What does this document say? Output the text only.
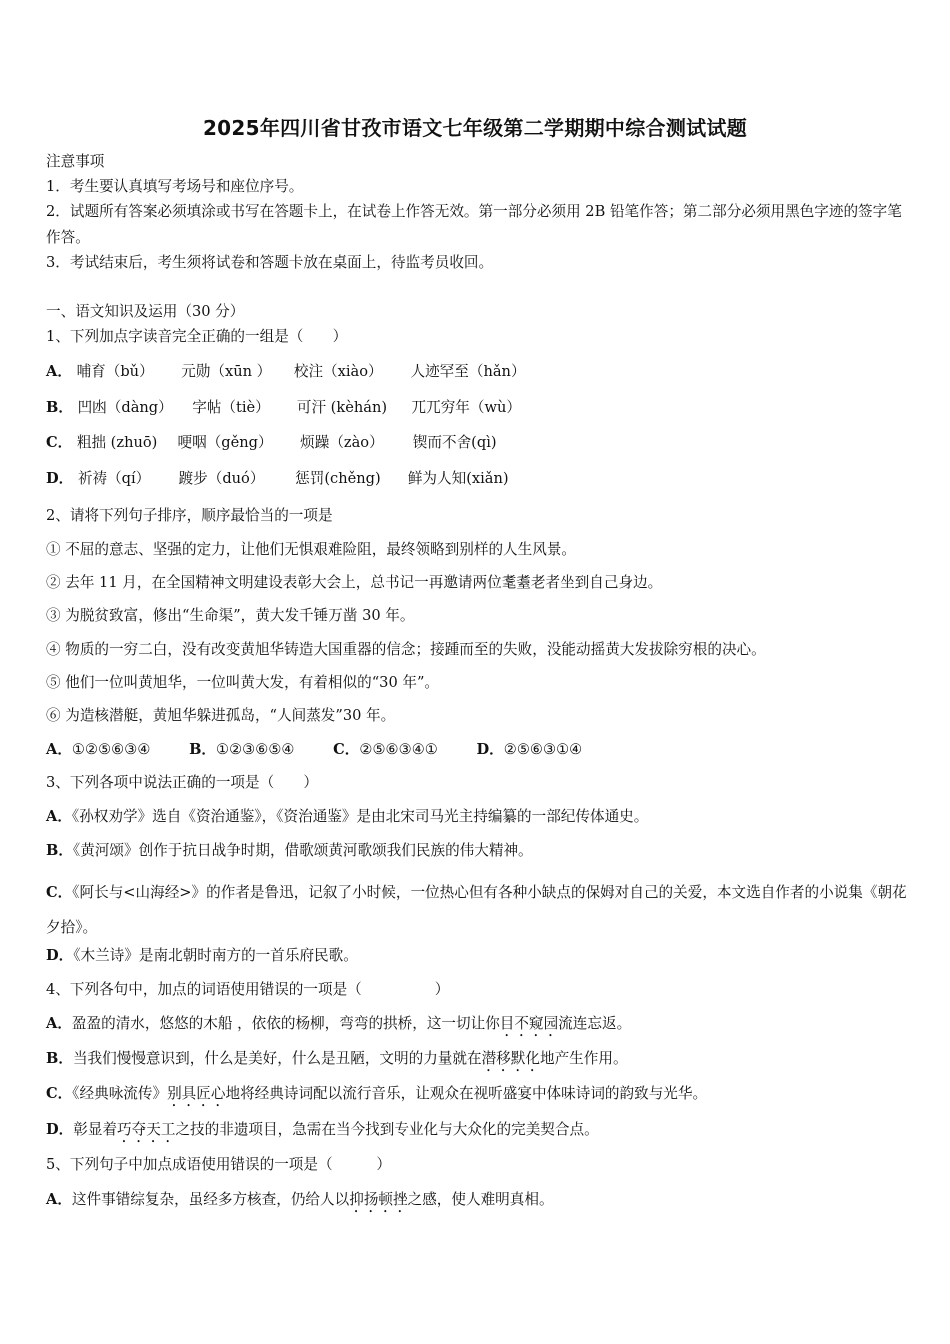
2025年四川省甘孜市语文七年级第二学期期中综合测试试题
注意事项
1．考生要认真填写考场号和座位序号。
2．试题所有答案必须填涂或书写在答题卡上，在试卷上作答无效。第一部分必须用 2B 铅笔作答；第二部分必须用黑色字迹的签字笔作答。
3．考试结束后，考生须将试卷和答题卡放在桌面上，待监考员收回。
一、语文知识及运用（30 分）
1、下列加点字读音完全正确的一组是（　　）
A． 哺育（bǔ） 元勋（xūn ） 校注（xiào） 人迹罕至（hǎn）
B． 凹凼（dàng） 字帖（tiè） 可汗 (kèhán) 兀兀穷年（wù）
C． 粗拙 (zhuō) 哽咽（gěng） 烦躁（zào） 锲而不舍(qì)
D． 祈祷（qí） 踱步（duó） 惩罚(chěng) 鲜为人知(xiǎn)
2、请将下列句子排序，顺序最恰当的一项是
① 不屈的意志、坚强的定力，让他们无惧艰难险阻，最终领略到别样的人生风景。
② 去年 11 月，在全国精神文明建设表彰大会上，总书记一再邀请两位耄耋老者坐到自己身边。
③ 为脱贫致富，修出“生命渠”，黄大发千锤万凿 30 年。
④ 物质的一穷二白，没有改变黄旭华铸造大国重器的信念；接踵而至的失败，没能动摇黄大发拔除穷根的决心。
⑤ 他们一位叫黄旭华，一位叫黄大发，有着相似的“30 年”。
⑥ 为造核潜艇，黄旭华躲进孤岛，“人间蒸发”30 年。
A．①②⑤⑥③④	B．①②③⑥⑤④	C．②⑤⑥③④①	D．②⑤⑥③①④
3、下列各项中说法正确的一项是（　　）
A．《孙权劝学》选自《资治通鉴》，《资治通鉴》是由北宋司马光主持编纂的一部纪传体通史。
B．《黄河颂》创作于抗日战争时期，借歌颂黄河歌颂我们民族的伟大精神。
C．《阿长与<山海经>》的作者是鲁迅，记叙了小时候，一位热心但有各种小缺点的保姆对自己的关爱，本文选自作者的小说集《朝花夕拾》。
D．《木兰诗》是南北朝时南方的一首乐府民歌。
4、下列各句中，加点的词语使用错误的一项是（　　　　　）
A．盈盈的清水，悠悠的木船 ，依依的杨柳，弯弯的拱桥，这一切让你目不窥园流连忘返。
B．当我们慢慢意识到，什么是美好，什么是丑陋，文明的力量就在潜移默化地产生作用。
C．《经典咏流传》别具匠心地将经典诗词配以流行音乐，让观众在视听盛宴中体味诗词的韵致与光华。
D．彰显着巧夺天工之技的非遗项目，急需在当今找到专业化与大众化的完美契合点。
5、下列句子中加点成语使用错误的一项是（　　　）
A．这件事错综复杂，虽经多方核查，仍给人以抑扬顿挫之感，使人难明真相。
